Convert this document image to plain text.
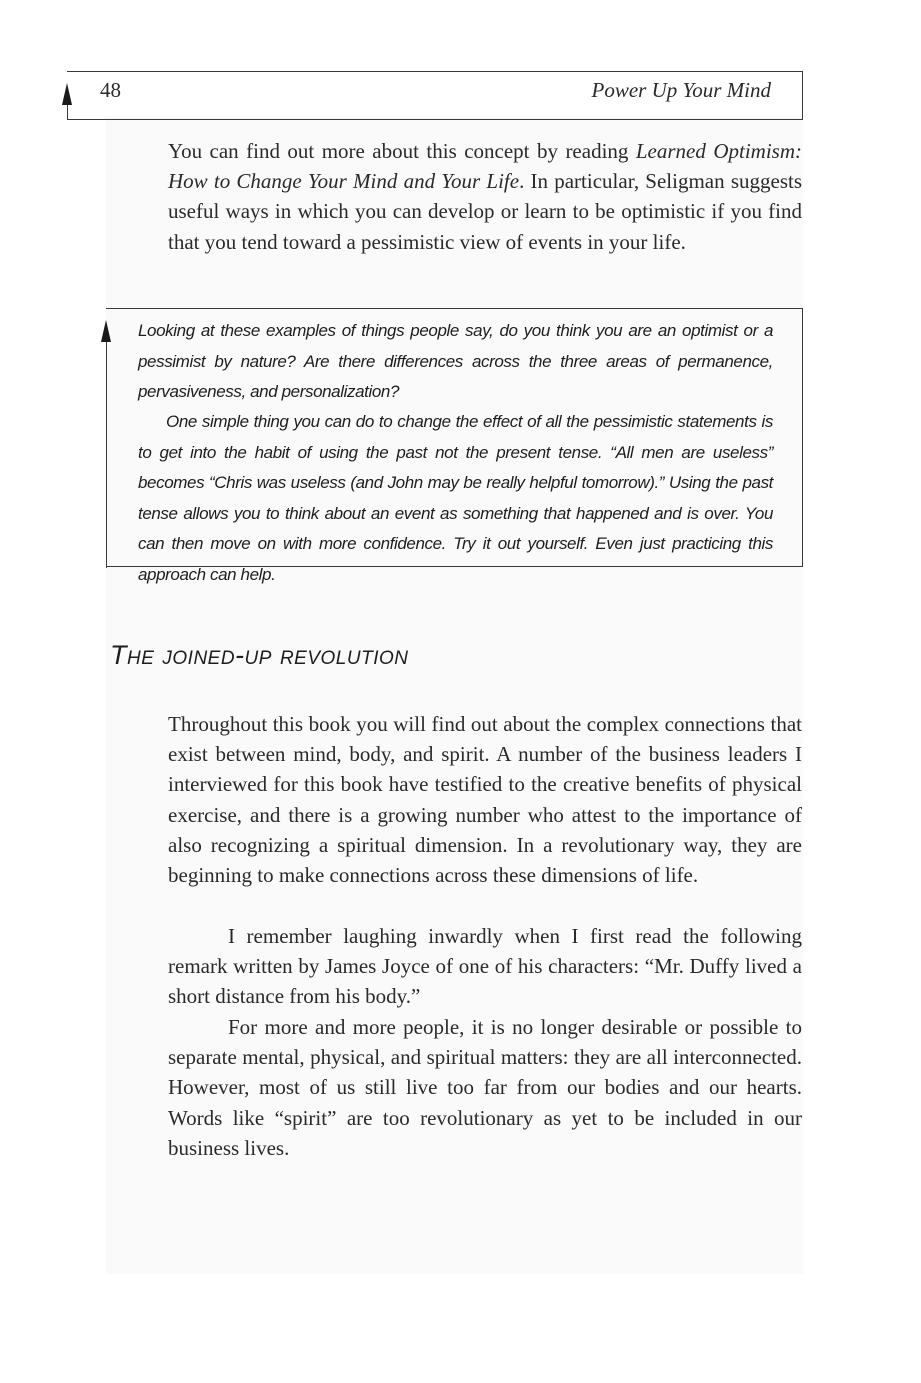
48	Power Up Your Mind

You can find out more about this concept by reading Learned Optimism: How to Change Your Mind and Your Life. In particular, Seligman suggests useful ways in which you can develop or learn to be optimistic if you find that you tend toward a pessimistic view of events in your life.

Looking at these examples of things people say, do you think you are an optimist or a pessimist by nature? Are there differences across the three areas of permanence, pervasiveness, and personalization?

One simple thing you can do to change the effect of all the pessimistic statements is to get into the habit of using the past not the present tense. “All men are useless” becomes “Chris was useless (and John may be really helpful tomorrow).” Using the past tense allows you to think about an event as something that happened and is over. You can then move on with more confidence. Try it out yourself. Even just practicing this approach can help.

The joined-up revolution

Throughout this book you will find out about the complex connections that exist between mind, body, and spirit. A number of the business leaders I interviewed for this book have testified to the creative benefits of physical exercise, and there is a growing number who attest to the importance of also recognizing a spiritual dimension. In a revolutionary way, they are beginning to make connections across these dimensions of life.

I remember laughing inwardly when I first read the following remark written by James Joyce of one of his characters: “Mr. Duffy lived a short distance from his body.”

For more and more people, it is no longer desirable or possible to separate mental, physical, and spiritual matters: they are all interconnected. However, most of us still live too far from our bodies and our hearts. Words like “spirit” are too revolutionary as yet to be included in our business lives.
